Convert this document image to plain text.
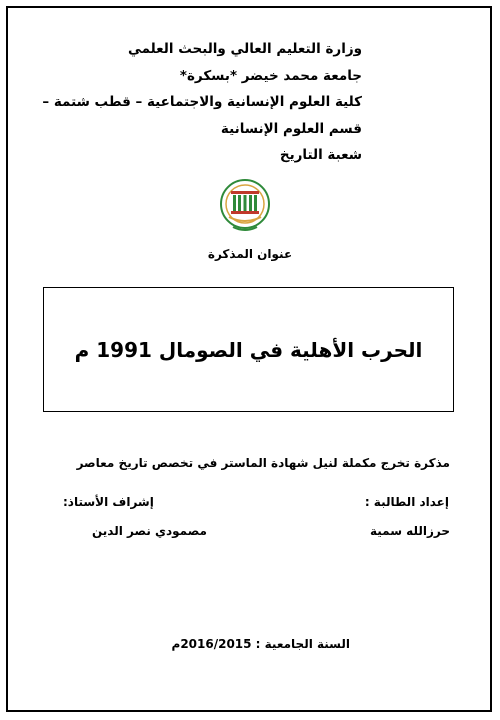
وزارة التعليم العالي والبحث العلمي
جامعة محمد خيضر *بسكرة*
كلية العلوم الإنسانية والاجتماعية – قطب شتمة –
قسم العلوم الإنسانية
شعبة التاريخ
عنوان المذكرة
الحرب الأهلية في الصومال 1991 م
مذكرة تخرج مكملة لنيل شهادة الماستر في تخصص تاريخ معاصر
إعداد الطالبة :
إشراف الأستاذ:
حرزالله سمية
مصمودي نصر الدين
السنة الجامعية : 2016/2015م
